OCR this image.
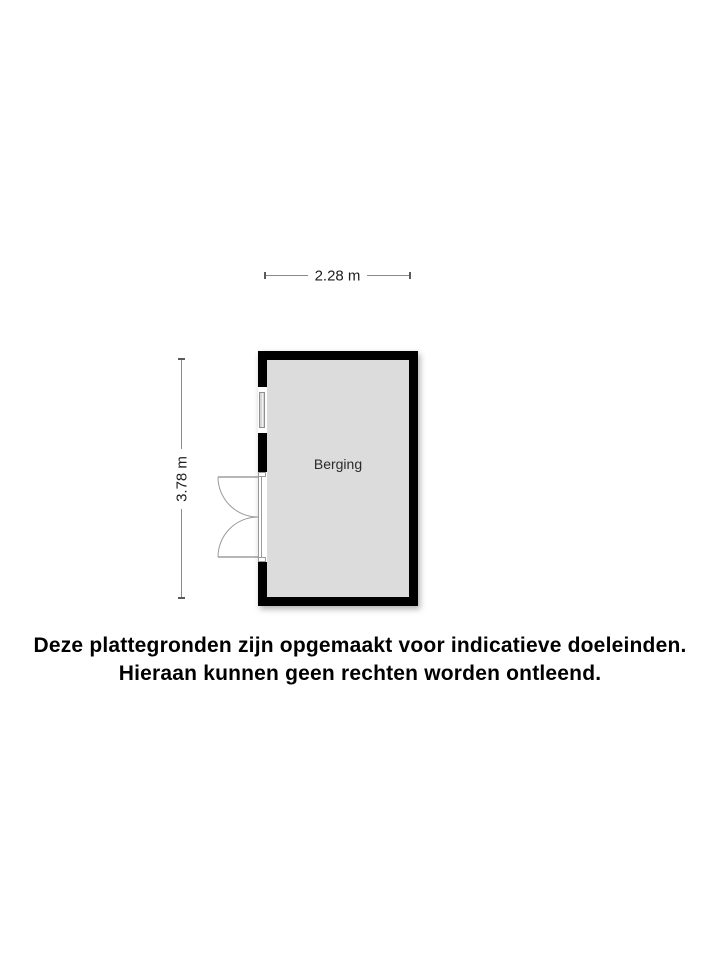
2.28 m
3.78 m	Berging
Deze plattegronden zijn opgemaakt voor indicatieve doeleinden.
Hieraan kunnen geen rechten worden ontleend.
